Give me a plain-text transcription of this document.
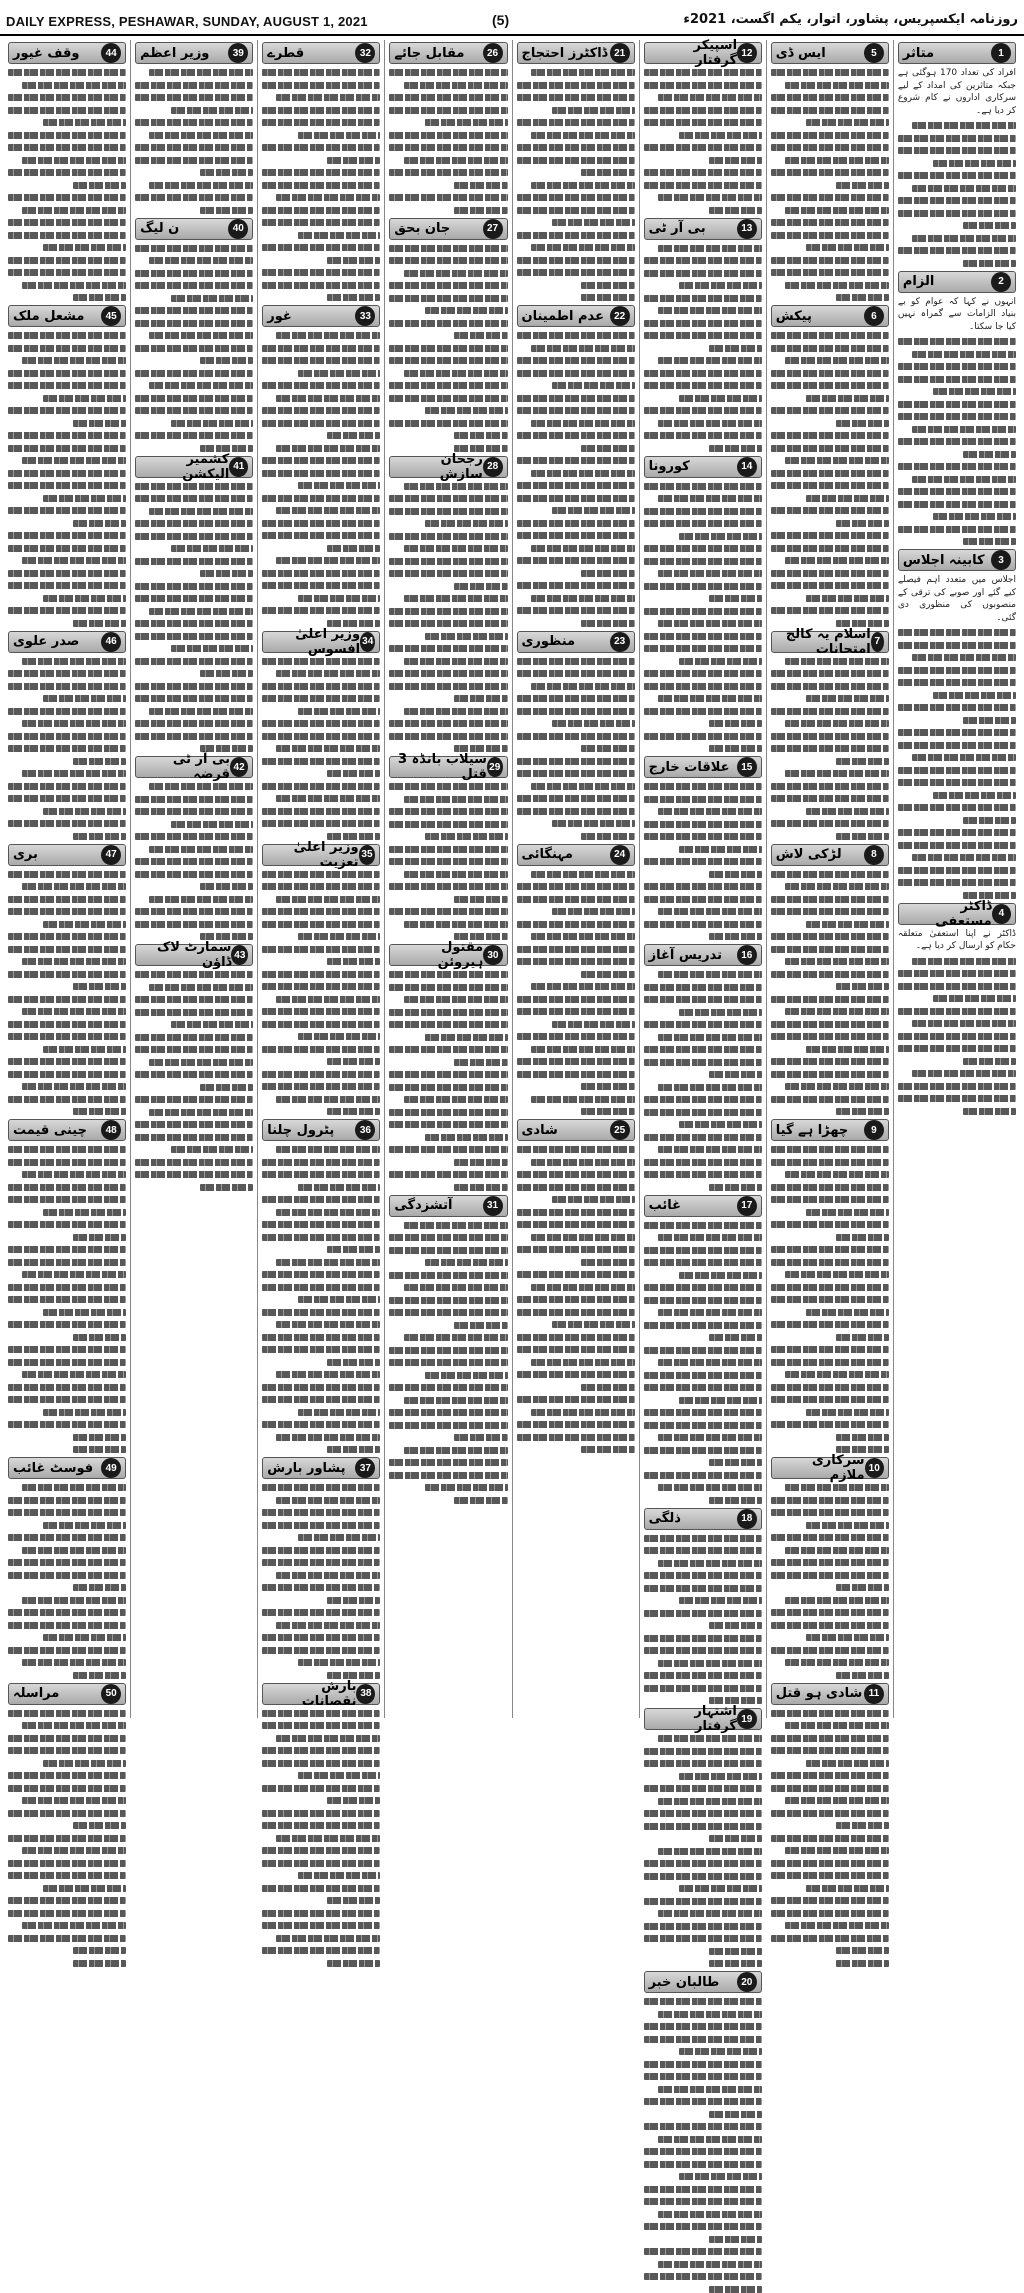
DAILY EXPRESS, PESHAWAR, SUNDAY, AUGUST 1, 2021	(5)	روزنامہ ایکسپریس، پشاور، اتوار، یکم اگست، 2021ء
1
متاثر
افراد کی تعداد 170 ہوگئی ہے جبکہ متاثرین کی امداد کے لیے سرکاری اداروں نے کام شروع کر دیا ہے۔
2
الزام
انہوں نے کہا کہ عوام کو بے بنیاد الزامات سے گمراہ نہیں کیا جا سکتا۔
3
کابینہ اجلاس
اجلاس میں متعدد اہم فیصلے کیے گئے اور صوبے کی ترقی کے منصوبوں کی منظوری دی گئی۔
4
ڈاکٹر مستعفی
ڈاکٹر نے اپنا استعفیٰ متعلقہ حکام کو ارسال کر دیا ہے۔
5
ایس ڈی
6
پیکش
7
اسلام یہ کالج امتحانات
8
لڑکی لاش
9
چھڑا ہے گیا
10
سرکاری ملازم
11
شادی ہو قتل
12
اسپیکر گرفتار
13
بی آر ٹی
14
کورونا
15
علاقات خارج
16
تدریس آغاز
17
غائب
18
ذلگی
19
اشتہار گرفتار
20
طالبان خبر
21
ڈاکٹرز احتجاج
22
عدم اطمینان
23
منظوری
24
مہنگائی
25
شادی
26
مقابل جائے
27
جان بحق
28
رجحان سازش
29
سیلاب بانڈہ 3 قتل
30
مقتول ہیروئن
31
آتشزدگی
32
قطرے
33
غور
34
وزیر اعلیٰ افسوس
35
وزیر اعلیٰ تعزیت
36
پٹرول چلنا
37
پشاور بارش
38
بارش نقصانات
39
وزیر اعظم
40
ن لیگ
41
کشمیر الیکشن
42
بی آر ٹی قرضہ
43
سمارٹ لاک ڈاؤن
44
وقف غیور
45
مشعل ملک
46
صدر علوی
47
بری
48
چینی قیمت
49
فوسٹ غائب
50
مراسلہ
